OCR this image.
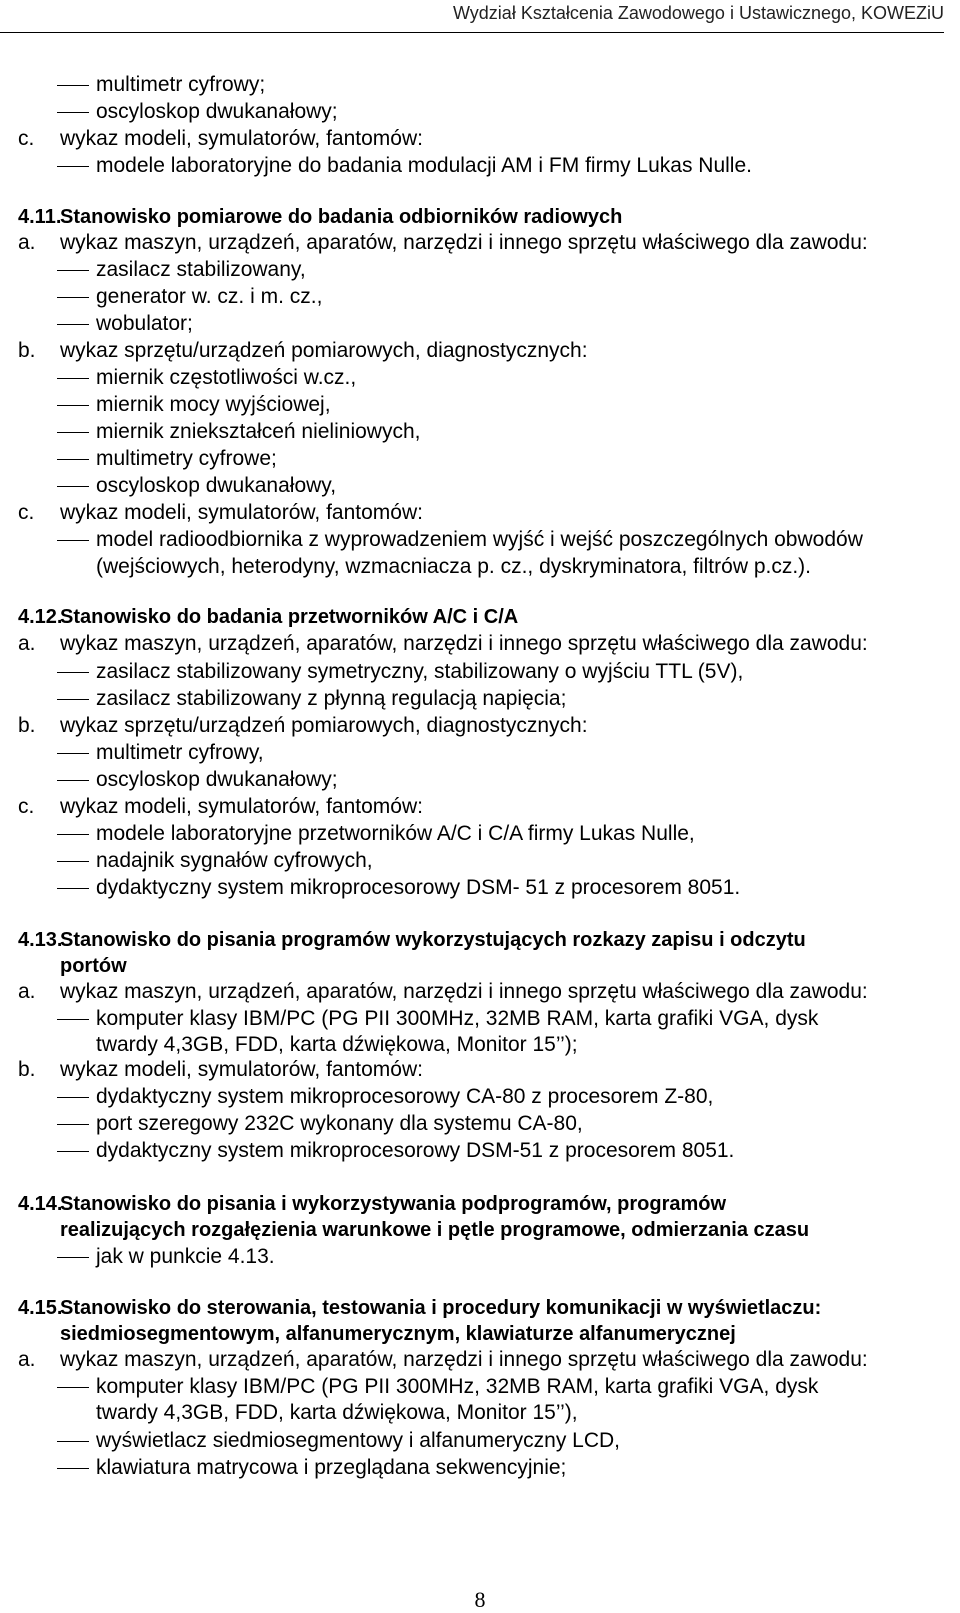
Wydział Kształcenia Zawodowego i Ustawicznego, KOWEZiU
multimetr cyfrowy;
oscyloskop dwukanałowy;
c. wykaz modeli, symulatorów, fantomów:
modele laboratoryjne do badania modulacji AM i FM firmy Lukas Nulle.
4.11.
Stanowisko pomiarowe do badania odbiorników radiowych
a. wykaz maszyn, urządzeń, aparatów, narzędzi i innego sprzętu właściwego dla zawodu:
zasilacz stabilizowany,
generator w. cz. i m. cz.,
wobulator;
b. wykaz sprzętu/urządzeń pomiarowych, diagnostycznych:
miernik częstotliwości w.cz.,
miernik mocy wyjściowej,
miernik zniekształceń nieliniowych,
multimetry cyfrowe;
oscyloskop dwukanałowy,
c. wykaz modeli, symulatorów, fantomów:
model radioodbiornika z wyprowadzeniem wyjść i wejść poszczególnych obwodów
(wejściowych, heterodyny, wzmacniacza p. cz., dyskryminatora, filtrów p.cz.).
4.12.
Stanowisko do badania przetworników A/C i C/A
a. wykaz maszyn, urządzeń, aparatów, narzędzi i innego sprzętu właściwego dla zawodu:
zasilacz stabilizowany symetryczny, stabilizowany o wyjściu TTL (5V),
zasilacz stabilizowany z płynną regulacją napięcia;
b. wykaz sprzętu/urządzeń pomiarowych, diagnostycznych:
multimetr cyfrowy,
oscyloskop dwukanałowy;
c. wykaz modeli, symulatorów, fantomów:
modele laboratoryjne przetworników A/C i C/A firmy Lukas Nulle,
nadajnik sygnałów cyfrowych,
dydaktyczny system mikroprocesorowy DSM- 51 z procesorem 8051.
4.13.
Stanowisko do pisania programów wykorzystujących rozkazy zapisu i odczytu
portów
a. wykaz maszyn, urządzeń, aparatów, narzędzi i innego sprzętu właściwego dla zawodu:
komputer klasy IBM/PC (PG PII 300MHz, 32MB RAM, karta grafiki VGA, dysk
twardy 4,3GB, FDD, karta dźwiękowa, Monitor 15’’);
b. wykaz modeli, symulatorów, fantomów:
dydaktyczny system mikroprocesorowy CA-80 z procesorem Z-80,
port szeregowy 232C wykonany dla systemu CA-80,
dydaktyczny system mikroprocesorowy DSM-51 z procesorem 8051.
4.14.
Stanowisko do pisania i wykorzystywania podprogramów, programów
realizujących rozgałęzienia warunkowe i pętle programowe, odmierzania czasu
jak w punkcie 4.13.
4.15.
Stanowisko do sterowania, testowania i procedury komunikacji w wyświetlaczu:
siedmiosegmentowym, alfanumerycznym, klawiaturze alfanumerycznej
a. wykaz maszyn, urządzeń, aparatów, narzędzi i innego sprzętu właściwego dla zawodu:
komputer klasy IBM/PC (PG PII 300MHz, 32MB RAM, karta grafiki VGA, dysk
twardy 4,3GB, FDD, karta dźwiękowa, Monitor 15’’),
wyświetlacz siedmiosegmentowy i alfanumeryczny LCD,
klawiatura matrycowa i przeglądana sekwencyjnie;
8
